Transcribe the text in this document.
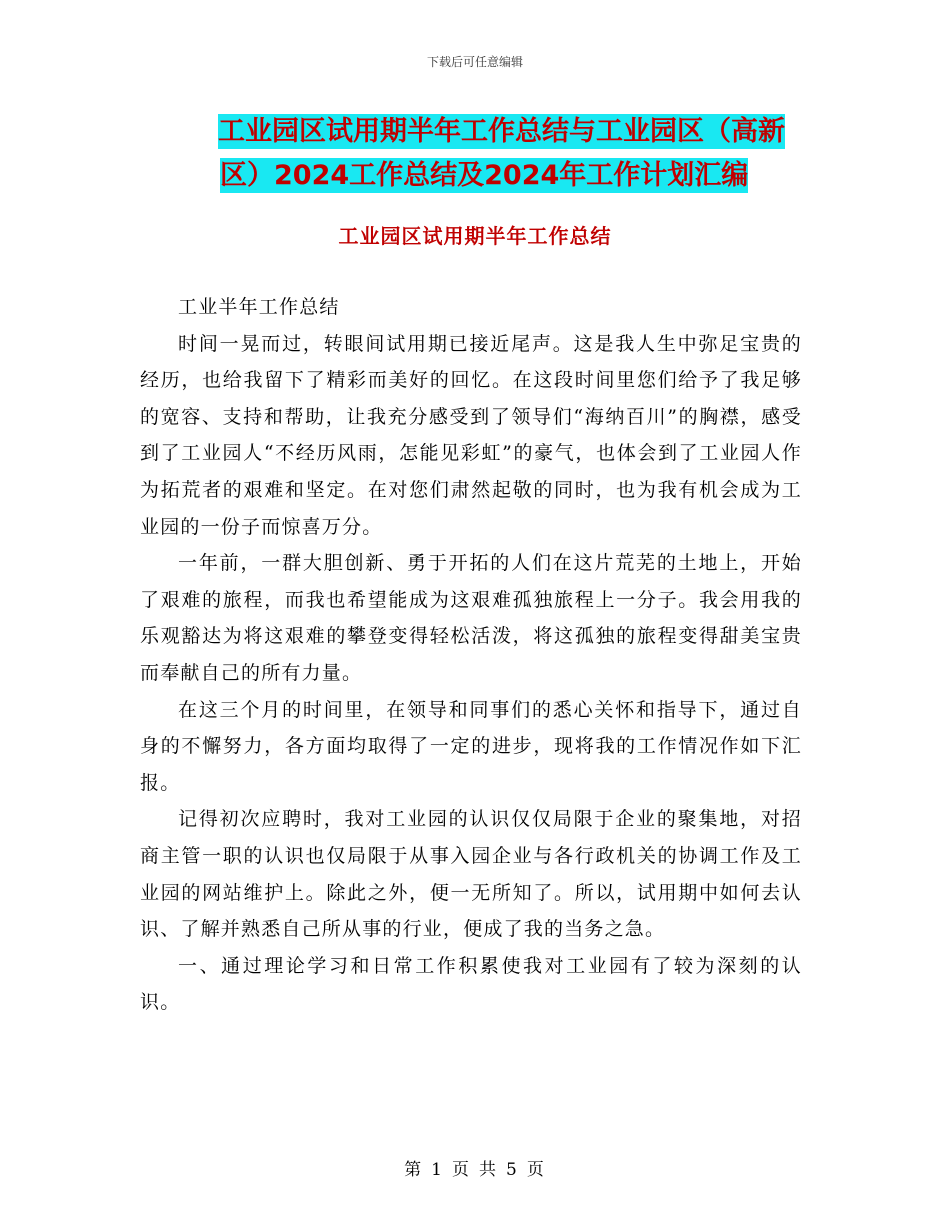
下载后可任意编辑
工业园区试用期半年工作总结与工业园区（高新
区）2024工作总结及2024年工作计划汇编
工业园区试用期半年工作总结

工业半年工作总结

时间一晃而过，转眼间试用期已接近尾声。这是我人生中弥足宝贵的经历，也给我留下了精彩而美好的回忆。在这段时间里您们给予了我足够的宽容、支持和帮助，让我充分感受到了领导们“海纳百川”的胸襟，感受到了工业园人“不经历风雨，怎能见彩虹”的豪气，也体会到了工业园人作为拓荒者的艰难和坚定。在对您们肃然起敬的同时，也为我有机会成为工业园的一份子而惊喜万分。

一年前，一群大胆创新、勇于开拓的人们在这片荒芜的土地上，开始了艰难的旅程，而我也希望能成为这艰难孤独旅程上一分子。我会用我的乐观豁达为将这艰难的攀登变得轻松活泼，将这孤独的旅程变得甜美宝贵而奉献自己的所有力量。

在这三个月的时间里，在领导和同事们的悉心关怀和指导下，通过自身的不懈努力，各方面均取得了一定的进步，现将我的工作情况作如下汇报。

记得初次应聘时，我对工业园的认识仅仅局限于企业的聚集地，对招商主管一职的认识也仅局限于从事入园企业与各行政机关的协调工作及工业园的网站维护上。除此之外，便一无所知了。所以，试用期中如何去认识、了解并熟悉自己所从事的行业，便成了我的当务之急。

一、通过理论学习和日常工作积累使我对工业园有了较为深刻的认识。

第 1 页 共 5 页
